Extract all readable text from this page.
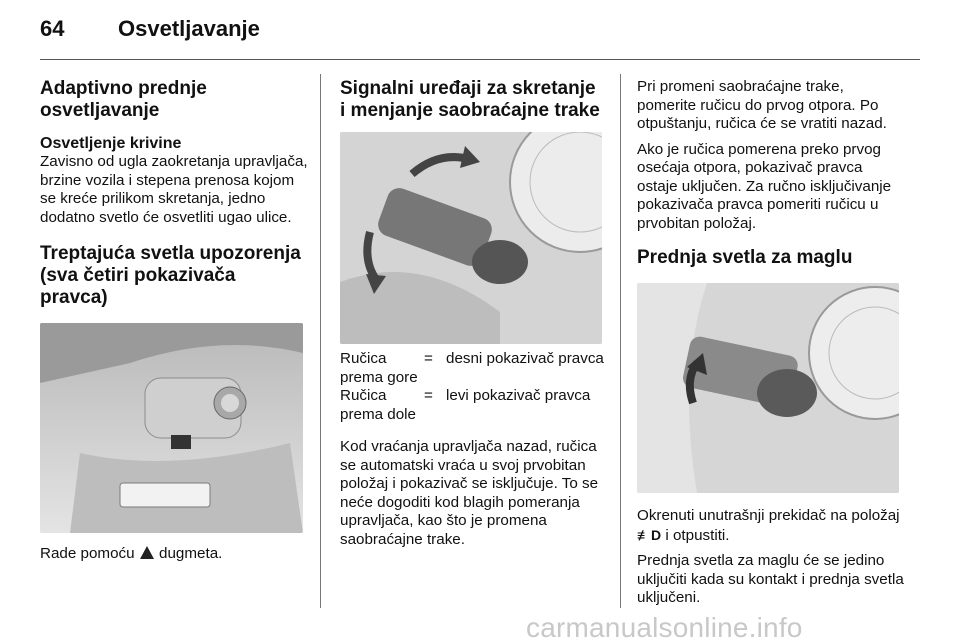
64 Osvetljavanje
Adaptivno prednje osvetljavanje
Osvetljenje krivine

Zavisno od ugla zaokretanja upravljača, brzine vozila i stepena prenosa kojom se kreće prilikom skretanja, jedno dodatno svetlo će osvetliti ugao ulice.

Treptajuća svetla upozorenja (sva četiri pokazivača pravca)

Rade pomoću dugmeta.

Signalni uređaji za skretanje i menjanje saobraćajne trake
Ručica prema gore	=	desni pokazivač pravca
Ručica prema dole	=	levi pokazivač pravca

Kod vraćanja upravljača nazad, ručica se automatski vraća u svoj prvobitan položaj i pokazivač se isključuje. To se neće dogoditi kod blagih pomeranja upravljača, kao što je promena saobraćajne trake.

Pri promeni saobraćajne trake, pomerite ručicu do prvog otpora. Po otpuštanju, ručica će se vratiti nazad.

Ako je ručica pomerena preko prvog osećaja otpora, pokazivač pravca ostaje uključen. Za ručno isključivanje pokazivača pravca pomeriti ručicu u prvobitan položaj.

Prednja svetla za maglu

Okrenuti unutrašnji prekidač na položaj ≢D i otpustiti.

Prednja svetla za maglu će se jedino uključiti kada su kontakt i prednja svetla uključeni.

carmanualsonline.info
